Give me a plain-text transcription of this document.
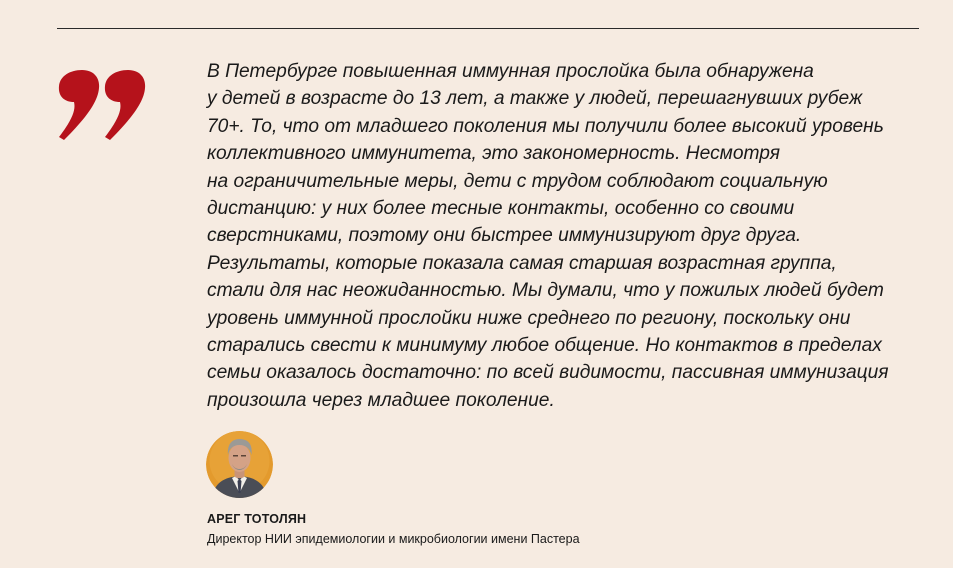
В Петербурге повышенная иммунная прослойка была обнаружена
у детей в возрасте до 13 лет, а также у людей, перешагнувших рубеж
70+. То, что от младшего поколения мы получили более высокий уровень
коллективного иммунитета, это закономерность. Несмотря
на ограничительные меры, дети с трудом соблюдают социальную
дистанцию: у них более тесные контакты, особенно со своими
сверстниками, поэтому они быстрее иммунизируют друг друга.
Результаты, которые показала самая старшая возрастная группа,
стали для нас неожиданностью. Мы думали, что у пожилых людей будет
уровень иммунной прослойки ниже среднего по региону, поскольку они
старались свести к минимуму любое общение. Но контактов в пределах
семьи оказалось достаточно: по всей видимости, пассивная иммунизация
произошла через младшее поколение.
АРЕГ ТОТОЛЯН
Директор НИИ эпидемиологии и микробиологии имени Пастера
